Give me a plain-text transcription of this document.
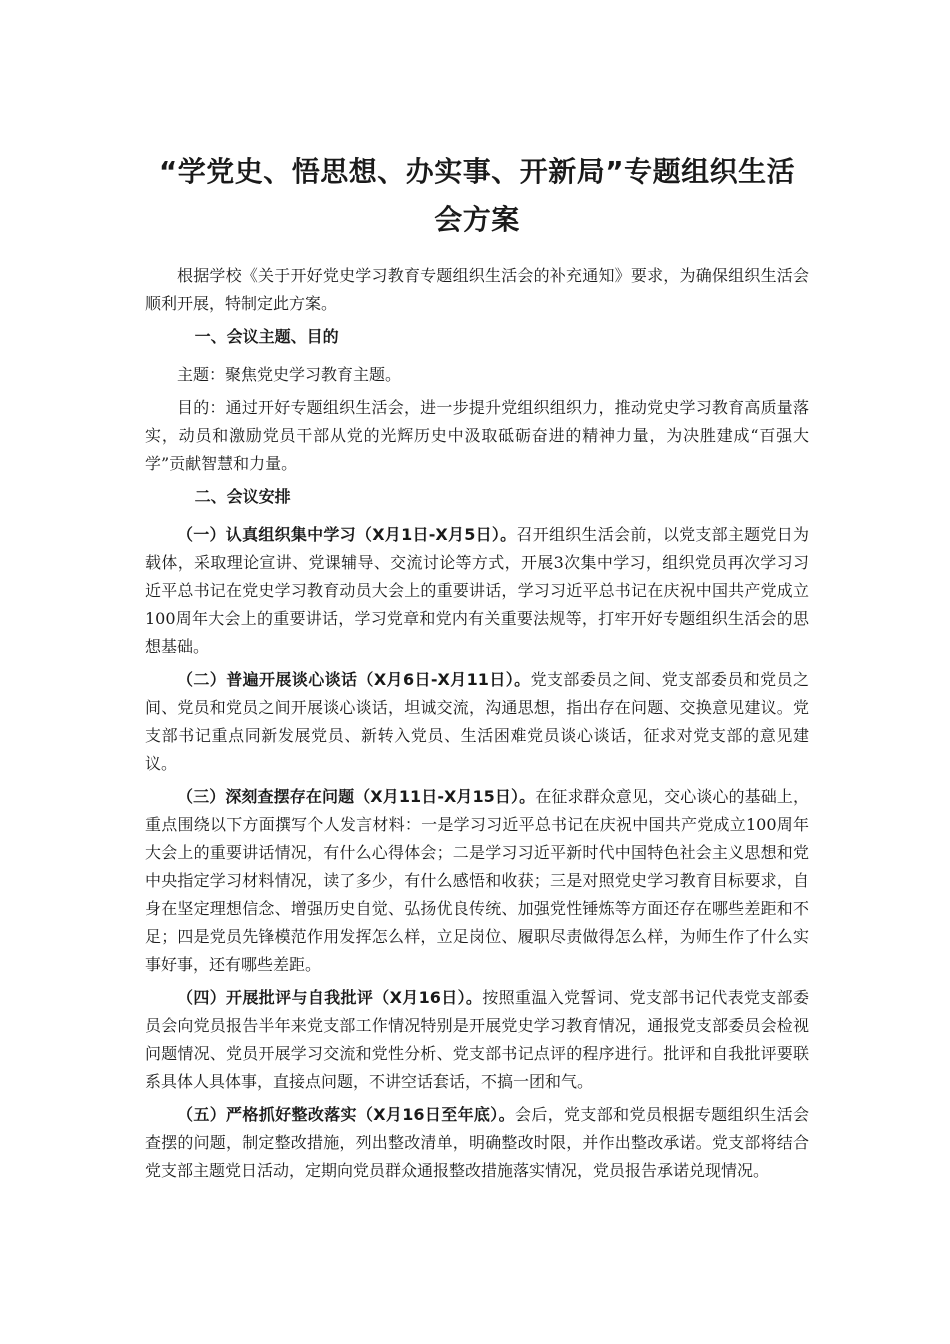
“学党史、悟思想、办实事、开新局”专题组织生活会方案

根据学校《关于开好党史学习教育专题组织生活会的补充通知》要求，为确保组织生活会顺利开展，特制定此方案。

一、会议主题、目的

主题：聚焦党史学习教育主题。

目的：通过开好专题组织生活会，进一步提升党组织组织力，推动党史学习教育高质量落实，动员和激励党员干部从党的光辉历史中汲取砥砺奋进的精神力量，为决胜建成“百强大学”贡献智慧和力量。

二、会议安排

（一）认真组织集中学习（X月1日-X月5日）。召开组织生活会前，以党支部主题党日为载体，采取理论宣讲、党课辅导、交流讨论等方式，开展3次集中学习，组织党员再次学习习近平总书记在党史学习教育动员大会上的重要讲话，学习习近平总书记在庆祝中国共产党成立100周年大会上的重要讲话，学习党章和党内有关重要法规等，打牢开好专题组织生活会的思想基础。

（二）普遍开展谈心谈话（X月6日-X月11日）。党支部委员之间、党支部委员和党员之间、党员和党员之间开展谈心谈话，坦诚交流，沟通思想，指出存在问题、交换意见建议。党支部书记重点同新发展党员、新转入党员、生活困难党员谈心谈话，征求对党支部的意见建议。

（三）深刻查摆存在问题（X月11日-X月15日）。在征求群众意见，交心谈心的基础上，重点围绕以下方面撰写个人发言材料：一是学习习近平总书记在庆祝中国共产党成立100周年大会上的重要讲话情况，有什么心得体会；二是学习习近平新时代中国特色社会主义思想和党中央指定学习材料情况，读了多少，有什么感悟和收获；三是对照党史学习教育目标要求，自身在坚定理想信念、增强历史自觉、弘扬优良传统、加强党性锤炼等方面还存在哪些差距和不足；四是党员先锋模范作用发挥怎么样，立足岗位、履职尽责做得怎么样，为师生作了什么实事好事，还有哪些差距。

（四）开展批评与自我批评（X月16日）。按照重温入党誓词、党支部书记代表党支部委员会向党员报告半年来党支部工作情况特别是开展党史学习教育情况，通报党支部委员会检视问题情况、党员开展学习交流和党性分析、党支部书记点评的程序进行。批评和自我批评要联系具体人具体事，直接点问题，不讲空话套话，不搞一团和气。

（五）严格抓好整改落实（X月16日至年底）。会后，党支部和党员根据专题组织生活会查摆的问题，制定整改措施，列出整改清单，明确整改时限，并作出整改承诺。党支部将结合党支部主题党日活动，定期向党员群众通报整改措施落实情况，党员报告承诺兑现情况。
